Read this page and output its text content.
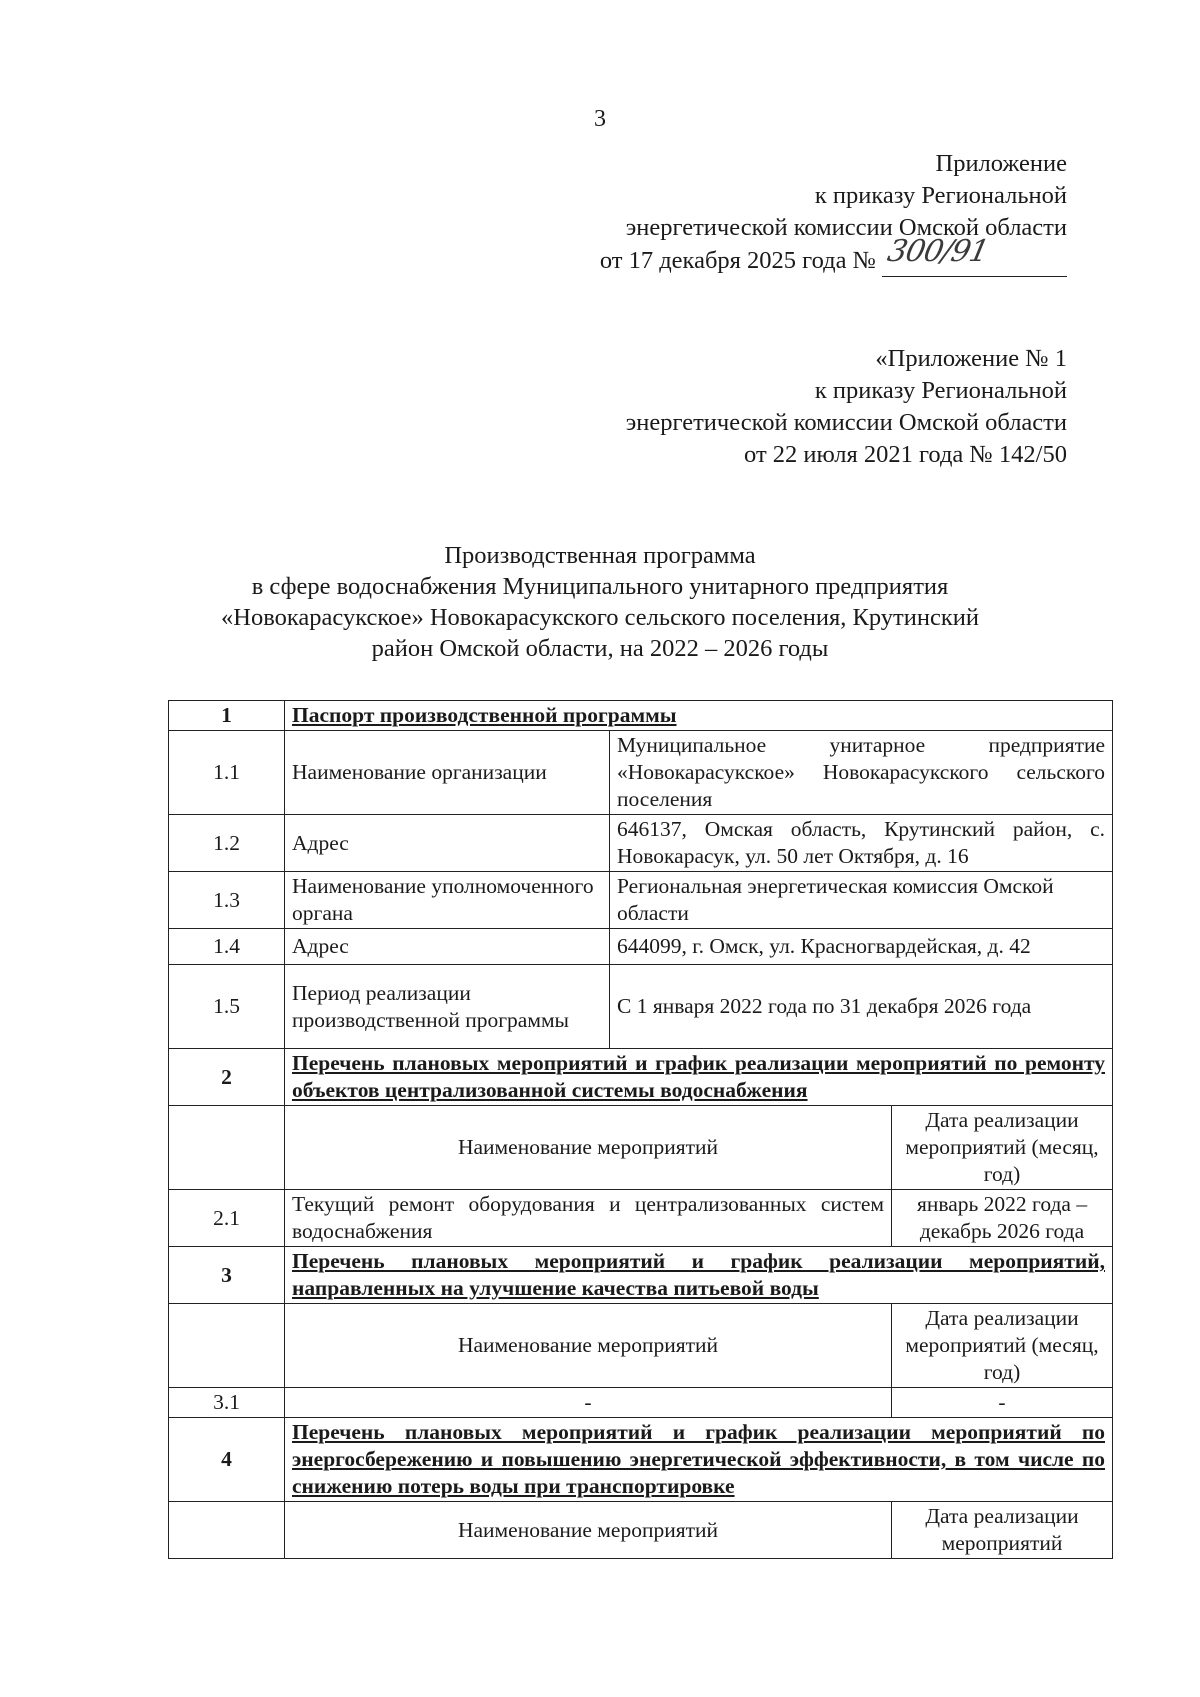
3
Приложение
к приказу Региональной
энергетической комиссии Омской области
от 17 декабря 2025 года № 300/91
«Приложение № 1
к приказу Региональной
энергетической комиссии Омской области
от 22 июля 2021 года № 142/50
Производственная программа
в сфере водоснабжения Муниципального унитарного предприятия
«Новокарасукское» Новокарасукского сельского поселения, Крутинский
район Омской области, на 2022 – 2026 годы
1	Паспорт производственной программы		
1.1	Наименование организации	Муниципальное унитарное предприятие «Новокарасукское» Новокарасукского сельского поселения	
1.2	Адрес	646137, Омская область, Крутинский район, с. Новокарасук, ул. 50 лет Октября, д. 16	
1.3	Наименование уполномоченного органа	Региональная энергетическая комиссия Омской области	
1.4	Адрес	644099, г. Омск, ул. Красногвардейская, д. 42	
1.5	Период реализации производственной программы	С 1 января 2022 года по 31 декабря 2026 года	
2	Перечень плановых мероприятий и график реализации мероприятий по ремонту объектов централизованной системы водоснабжения		
	Наименование мероприятий		Дата реализации мероприятий (месяц, год)
2.1	Текущий ремонт оборудования и централизованных систем водоснабжения		январь 2022 года – декабрь 2026 года
3	Перечень плановых мероприятий и график реализации мероприятий, направленных на улучшение качества питьевой воды		
	Наименование мероприятий		Дата реализации мероприятий (месяц, год)
3.1	-		-
4	Перечень плановых мероприятий и график реализации мероприятий по энергосбережению и повышению энергетической эффективности, в том числе по снижению потерь воды при транспортировке		
	Наименование мероприятий		Дата реализации мероприятий
